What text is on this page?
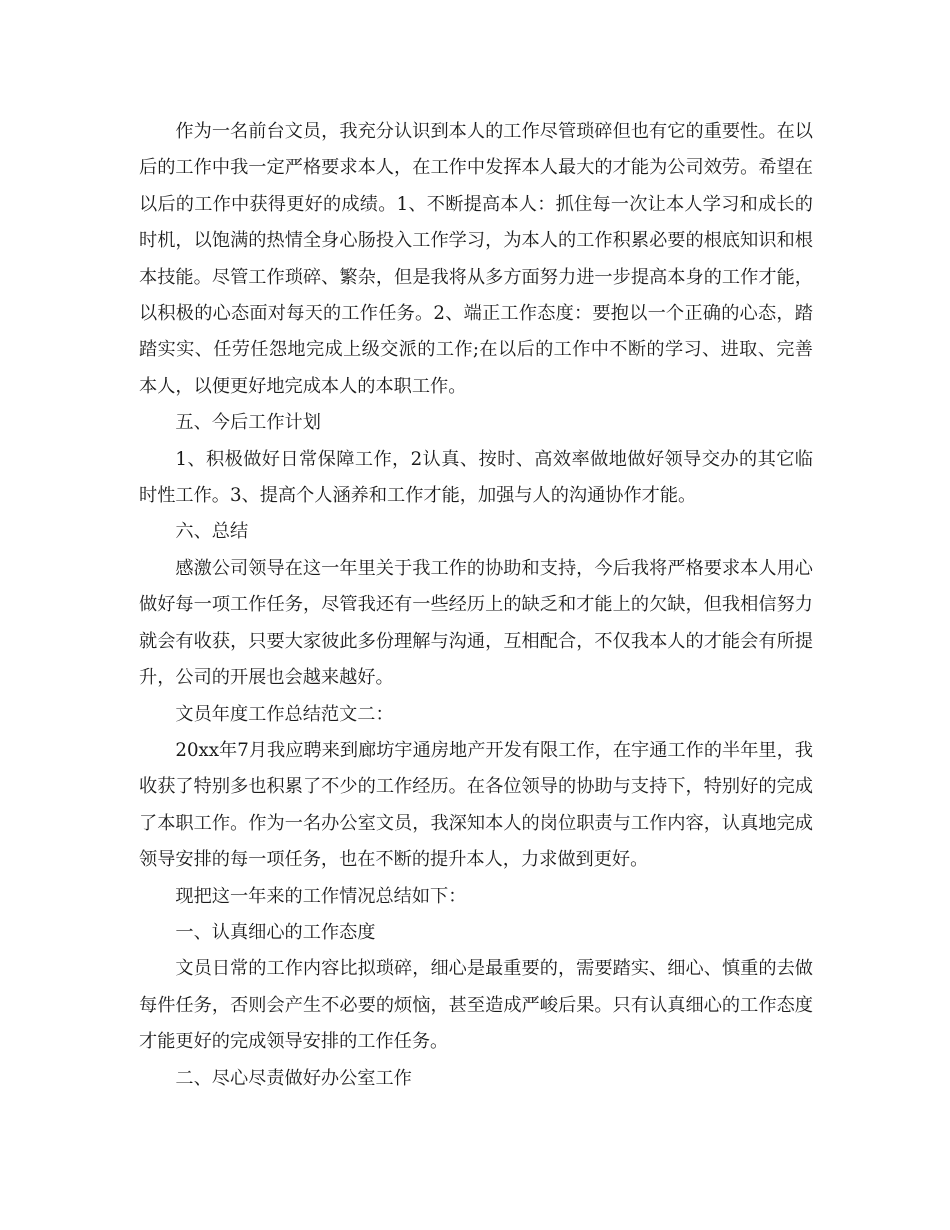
作为一名前台文员，我充分认识到本人的工作尽管琐碎但也有它的重要性。在以后的工作中我一定严格要求本人，在工作中发挥本人最大的才能为公司效劳。希望在以后的工作中获得更好的成绩。1、不断提高本人：抓住每一次让本人学习和成长的时机，以饱满的热情全身心肠投入工作学习，为本人的工作积累必要的根底知识和根本技能。尽管工作琐碎、繁杂，但是我将从多方面努力进一步提高本身的工作才能，以积极的心态面对每天的工作任务。2、端正工作态度：要抱以一个正确的心态，踏踏实实、任劳任怨地完成上级交派的工作;在以后的工作中不断的学习、进取、完善本人，以便更好地完成本人的本职工作。

五、今后工作计划

1、积极做好日常保障工作，2认真、按时、高效率做地做好领导交办的其它临时性工作。3、提高个人涵养和工作才能，加强与人的沟通协作才能。

六、总结

感激公司领导在这一年里关于我工作的协助和支持，今后我将严格要求本人用心做好每一项工作任务，尽管我还有一些经历上的缺乏和才能上的欠缺，但我相信努力就会有收获，只要大家彼此多份理解与沟通，互相配合，不仅我本人的才能会有所提升，公司的开展也会越来越好。

文员年度工作总结范文二：

20xx年7月我应聘来到廊坊宇通房地产开发有限工作，在宇通工作的半年里，我收获了特别多也积累了不少的工作经历。在各位领导的协助与支持下，特别好的完成了本职工作。作为一名办公室文员，我深知本人的岗位职责与工作内容，认真地完成领导安排的每一项任务，也在不断的提升本人，力求做到更好。

现把这一年来的工作情况总结如下：

一、认真细心的工作态度

文员日常的工作内容比拟琐碎，细心是最重要的，需要踏实、细心、慎重的去做每件任务，否则会产生不必要的烦恼，甚至造成严峻后果。只有认真细心的工作态度才能更好的完成领导安排的工作任务。

二、尽心尽责做好办公室工作
